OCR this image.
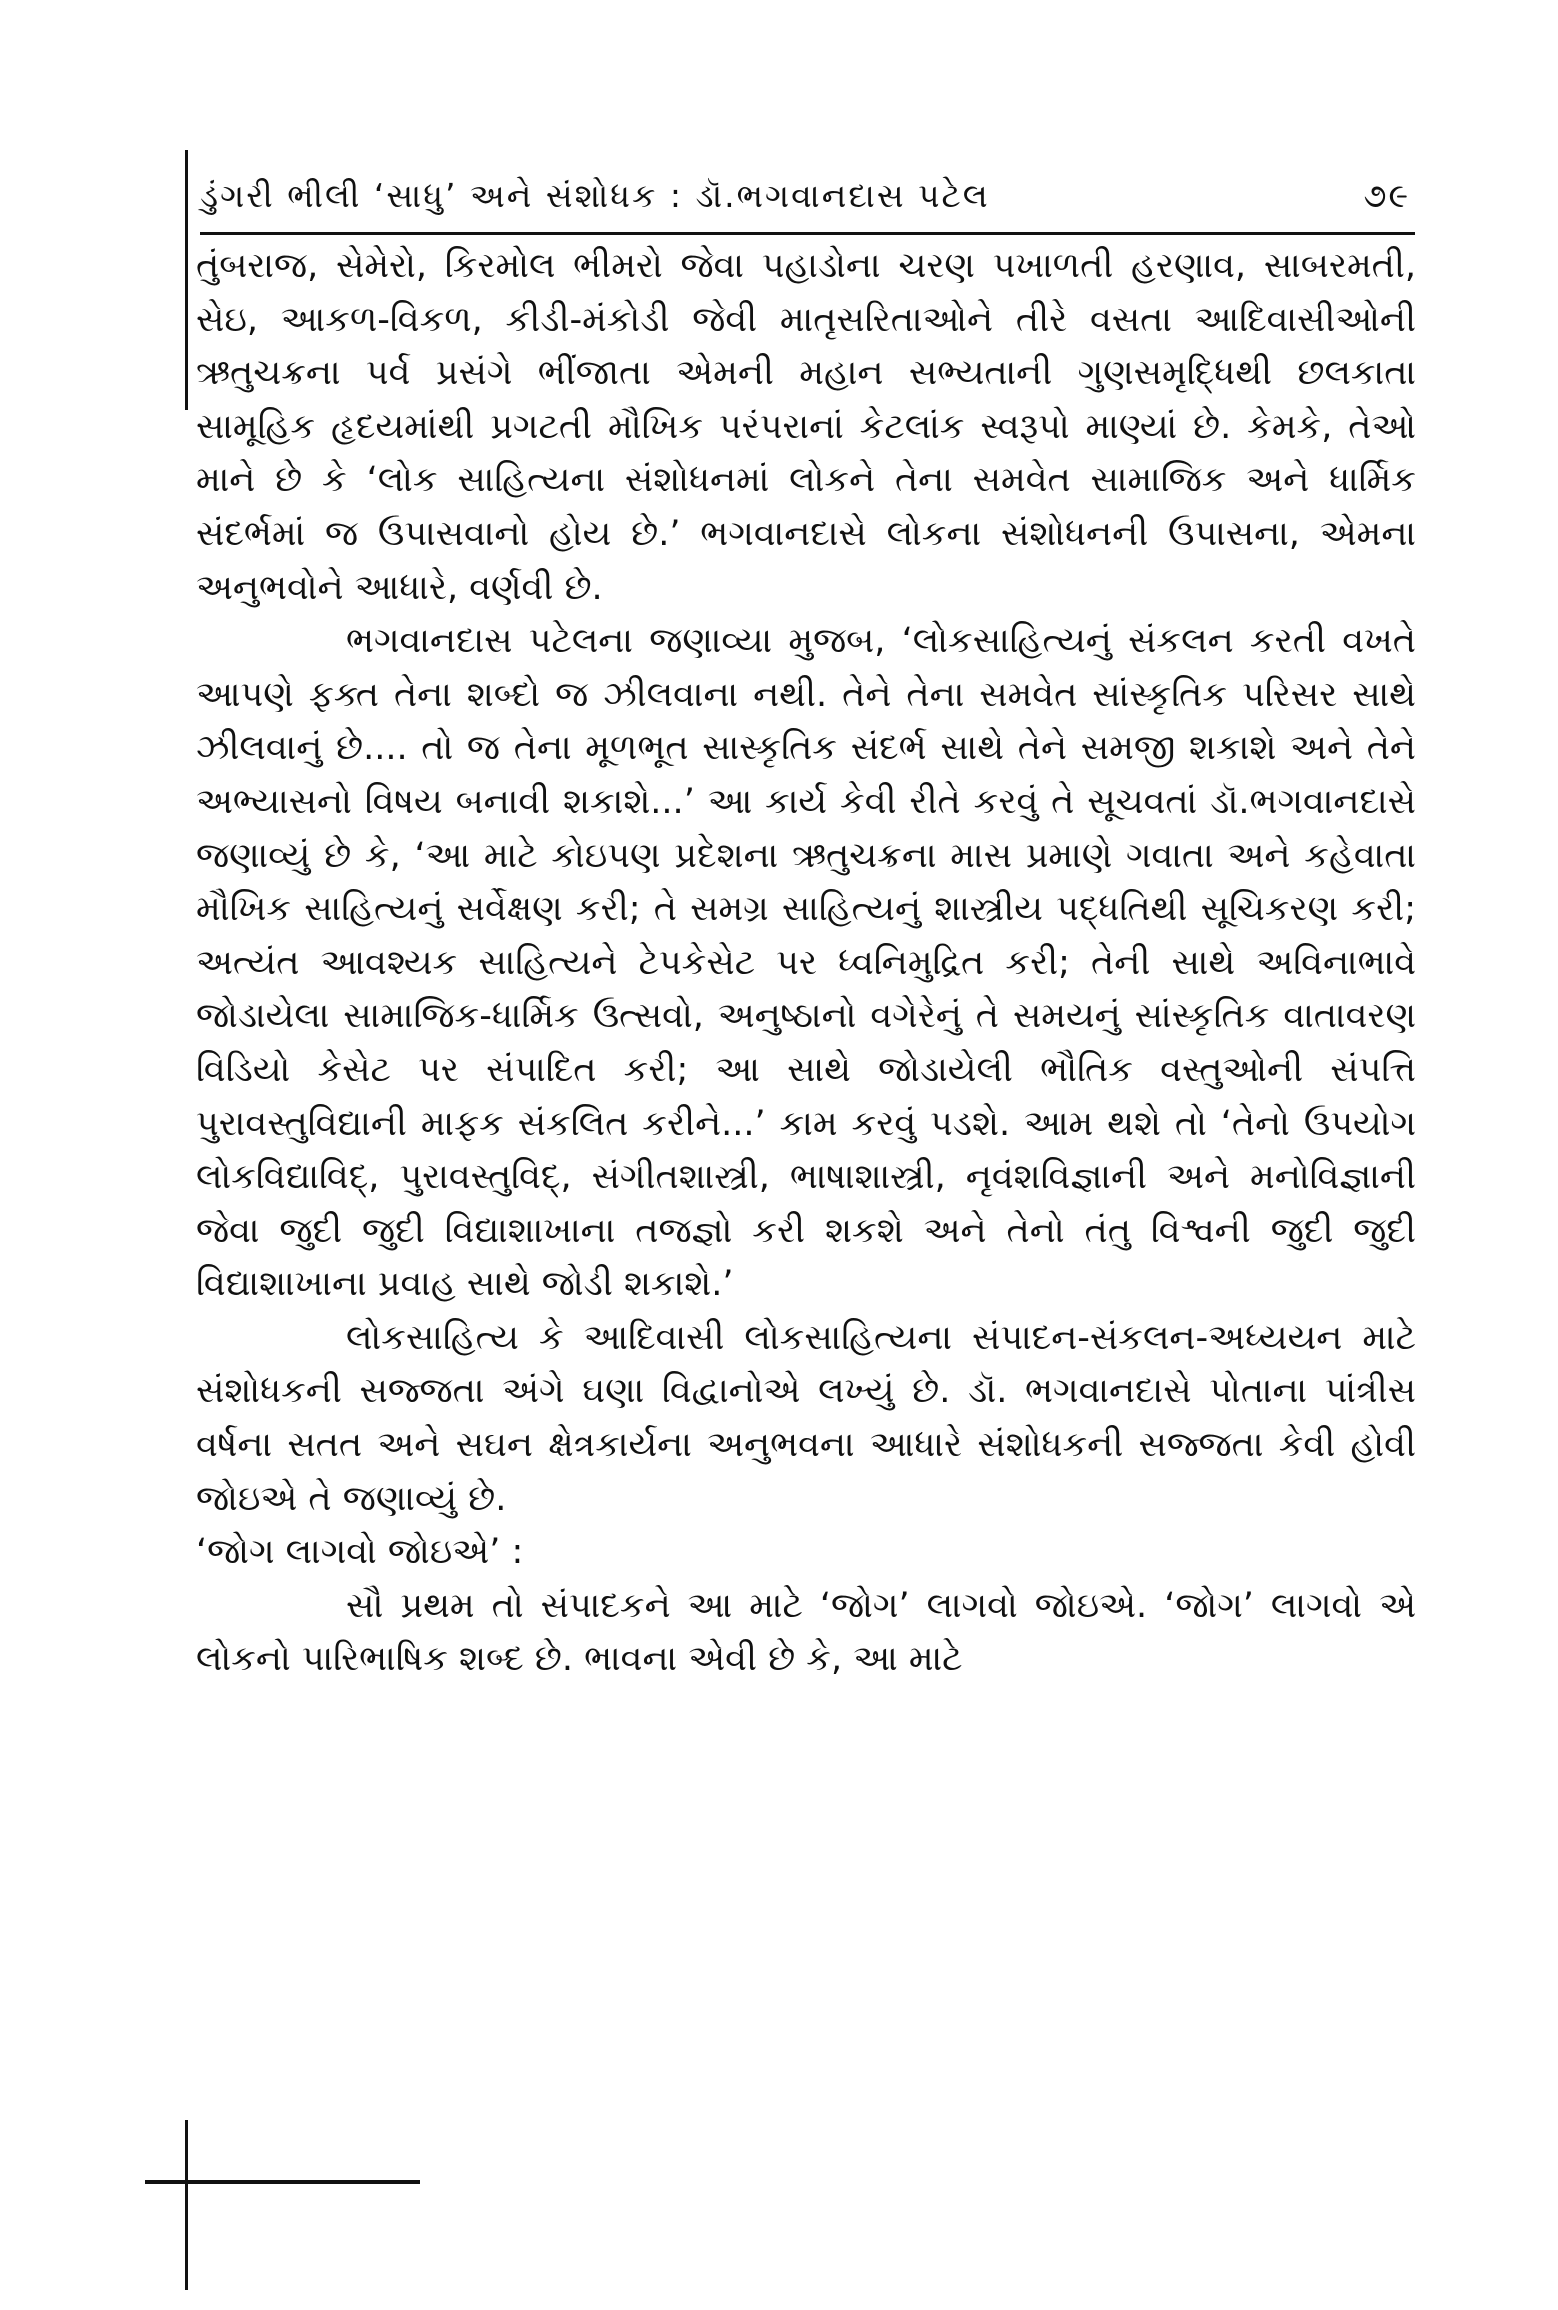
ડુંગરી ભીલી ‘સાધુ’ અને સંશોધક : ડૉ.ભગવાનદાસ પટેલ	૭૯

તુંબરાજ, સેમેરો, કિરમોલ ભીમરો જેવા પહાડોના ચરણ પખાળતી હરણાવ, સાબરમતી, સેઇ, આકળ-વિકળ, કીડી-મંકોડી જેવી માતૃસરિતાઓને તીરે વસતા આદિવાસીઓની ઋતુચક્રના પર્વ પ્રસંગે ભીંજાતા એમની મહાન સભ્યતાની ગુણસમૃદ્ધિથી છલકાતા સામૂહિક હૃદયમાંથી પ્રગટતી મૌખિક પરંપરાનાં કેટલાંક સ્વરૂપો માણ્યાં છે. કેમકે, તેઓ માને છે કે ‘લોક સાહિત્યના સંશોધનમાં લોકને તેના સમવેત સામાજિક અને ધાર્મિક સંદર્ભમાં જ ઉપાસવાનો હોય છે.’ ભગવાનદાસે લોકના સંશોધનની ઉપાસના, એમના અનુભવોને આધારે, વર્ણવી છે.

ભગવાનદાસ પટેલના જણાવ્યા મુજબ, ‘લોકસાહિત્યનું સંકલન કરતી વખતે આપણે ફક્ત તેના શબ્દો જ ઝીલવાના નથી. તેને તેના સમવેત સાંસ્કૃતિક પરિસર સાથે ઝીલવાનું છે.... તો જ તેના મૂળભૂત સાસ્કૃતિક સંદર્ભ સાથે તેને સમજી શકાશે અને તેને અભ્યાસનો વિષય બનાવી શકાશે...’ આ કાર્ય કેવી રીતે કરવું તે સૂચવતાં ડૉ.ભગવાનદાસે જણાવ્યું છે કે, ‘આ માટે કોઇપણ પ્રદેશના ઋતુચક્રના માસ પ્રમાણે ગવાતા અને કહેવાતા મૌખિક સાહિત્યનું સર્વેક્ષણ કરી; તે સમગ્ર સાહિત્યનું શાસ્ત્રીય પદ્ધતિથી સૂચિકરણ કરી; અત્યંત આવશ્યક સાહિત્યને ટેપકેસેટ પર ધ્વનિમુદ્રિત કરી; તેની સાથે અવિનાભાવે જોડાયેલા સામાજિક-ધાર્મિક ઉત્સવો, અનુષ્ઠાનો વગેરેનું તે સમયનું સાંસ્કૃતિક વાતાવરણ વિડિયો કેસેટ પર સંપાદિત કરી; આ સાથે જોડાયેલી ભૌતિક વસ્તુઓની સંપત્તિ પુરાવસ્તુવિદ્યાની માફક સંકલિત કરીને...’ કામ કરવું પડશે. આમ થશે તો ‘તેનો ઉપયોગ લોકવિદ્યાવિદ્, પુરાવસ્તુવિદ્, સંગીતશાસ્ત્રી, ભાષાશાસ્ત્રી, નૃવંશવિજ્ઞાની અને મનોવિજ્ઞાની જેવા જુદી જુદી વિદ્યાશાખાના તજજ્ઞો કરી શકશે અને તેનો તંતુ વિશ્વની જુદી જુદી વિદ્યાશાખાના પ્રવાહ સાથે જોડી શકાશે.’

લોકસાહિત્ય કે આદિવાસી લોકસાહિત્યના સંપાદન-સંકલન-અધ્યયન માટે સંશોધકની સજ્જતા અંગે ઘણા વિદ્વાનોએ લખ્યું છે. ડૉ. ભગવાનદાસે પોતાના પાંત્રીસ વર્ષના સતત અને સઘન ક્ષેત્રકાર્યના અનુભવના આધારે સંશોધકની સજ્જતા કેવી હોવી જોઇએ તે જણાવ્યું છે.

‘જોગ લાગવો જોઇએ’ :

સૌ પ્રથમ તો સંપાદકને આ માટે ‘જોગ’ લાગવો જોઇએ. ‘જોગ’ લાગવો એ લોકનો પારિભાષિક શબ્દ છે. ભાવના એવી છે કે, આ માટે
